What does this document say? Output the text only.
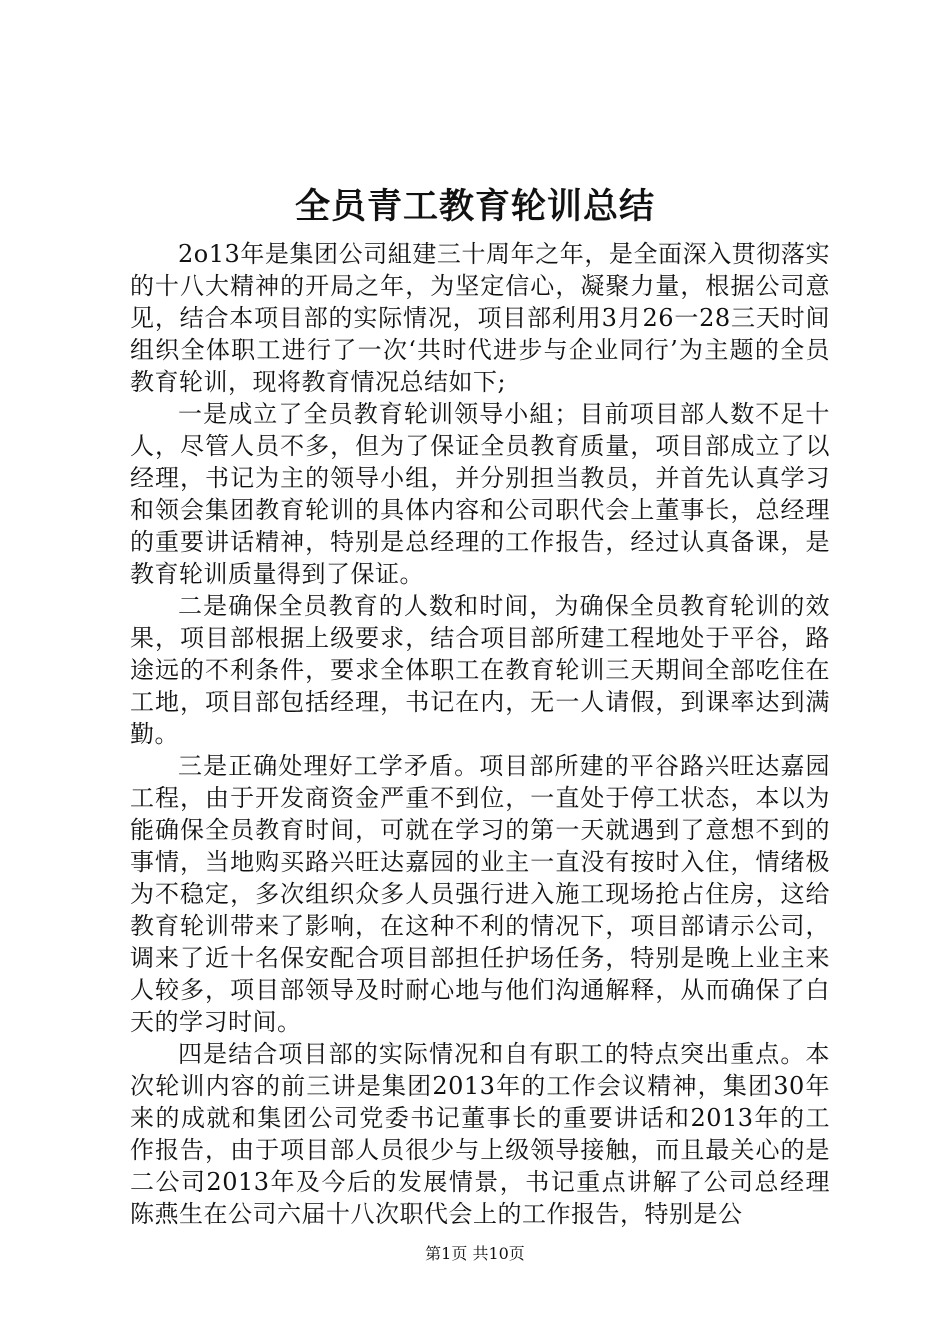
全员青工教育轮训总结

2o13年是集团公司組建三十周年之年，是全面深入贯彻落实的十八大精神的开局之年，为坚定信心，凝聚力量，根据公司意见，结合本项目部的实际情况，项目部利用3月26一28三天时间组织全体职工进行了一次‘共时代进步与企业同行’为主题的全员教育轮训，现将教育情况总结如下;

一是成立了全员教育轮训领导小組；目前项目部人数不足十人，尽管人员不多，但为了保证全员教育质量，项目部成立了以经理，书记为主的领导小组，并分别担当教员，并首先认真学习和领会集团教育轮训的具体内容和公司职代会上董事长，总经理的重要讲话精神，特别是总经理的工作报告，经过认真备课，是教育轮训质量得到了保证。

二是确保全员教育的人数和时间，为确保全员教育轮训的效果，项目部根据上级要求，结合项目部所建工程地处于平谷，路途远的不利条件，要求全体职工在教育轮训三天期间全部吃住在工地，项目部包括经理，书记在内，无一人请假，到课率达到满勤。

三是正确处理好工学矛盾。项目部所建的平谷路兴旺达嘉园工程，由于开发商资金严重不到位，一直处于停工状态，本以为能确保全员教育时间，可就在学习的第一天就遇到了意想不到的事情，当地购买路兴旺达嘉园的业主一直没有按时入住，情绪极为不稳定，多次组织众多人员强行进入施工现场抢占住房，这给教育轮训带来了影响，在这种不利的情况下，项目部请示公司，调来了近十名保安配合项目部担任护场任务，特别是晚上业主来人较多，项目部领导及时耐心地与他们沟通解释，从而确保了白天的学习时间。

四是结合项目部的实际情况和自有职工的特点突出重点。本次轮训内容的前三讲是集团2013年的工作会议精神，集团30年来的成就和集团公司党委书记董事长的重要讲话和2013年的工作报告，由于项目部人员很少与上级领导接触，而且最关心的是二公司2013年及今后的发展情景，书记重点讲解了公司总经理陈燕生在公司六届十八次职代会上的工作报告，特别是公

第1页 共10页
